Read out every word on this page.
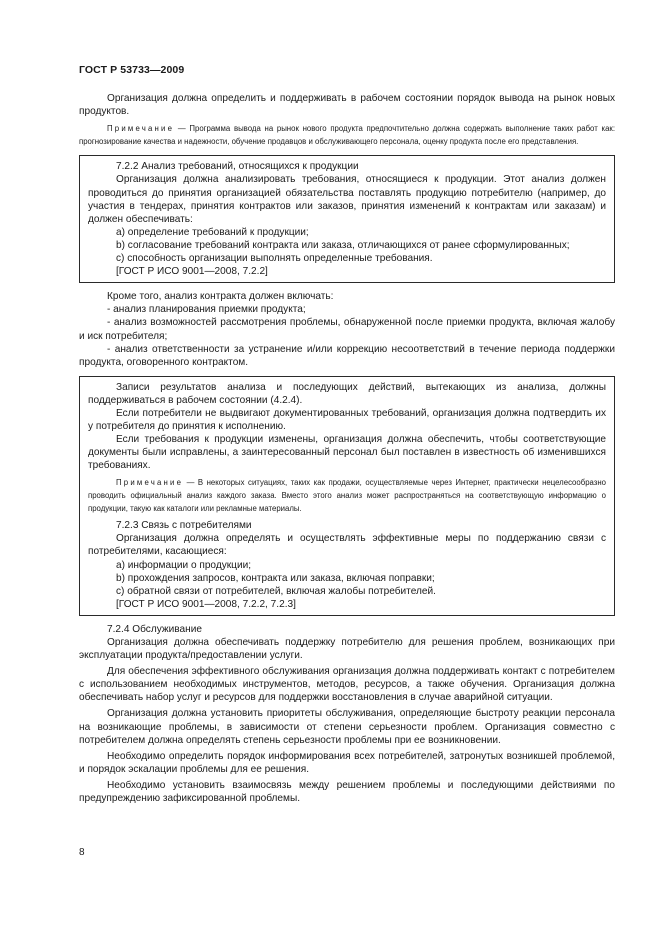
ГОСТ Р 53733—2009

Организация должна определить и поддерживать в рабочем состоянии порядок вывода на рынок новых продуктов.

Примечание — Программа вывода на рынок нового продукта предпочтительно должна содержать выполнение таких работ как: прогнозирование качества и надежности, обучение продавцов и обслуживающего персонала, оценку продукта после его представления.

7.2.2 Анализ требований, относящихся к продукции

Организация должна анализировать требования, относящиеся к продукции. Этот анализ должен проводиться до принятия организацией обязательства поставлять продукцию потребителю (например, до участия в тендерах, принятия контрактов или заказов, принятия изменений к контрактам или заказам) и должен обеспечивать:

а) определение требований к продукции;

b) согласование требований контракта или заказа, отличающихся от ранее сформулированных;

с) способность организации выполнять определенные требования.

[ГОСТ Р ИСО 9001—2008, 7.2.2]

Кроме того, анализ контракта должен включать:

- анализ планирования приемки продукта;

- анализ возможностей рассмотрения проблемы, обнаруженной после приемки продукта, включая жалобу и иск потребителя;

- анализ ответственности за устранение и/или коррекцию несоответствий в течение периода поддержки продукта, оговоренного контрактом.

Записи результатов анализа и последующих действий, вытекающих из анализа, должны поддерживаться в рабочем состоянии (4.2.4).

Если потребители не выдвигают документированных требований, организация должна подтвердить их у потребителя до принятия к исполнению.

Если требования к продукции изменены, организация должна обеспечить, чтобы соответствующие документы были исправлены, а заинтересованный персонал был поставлен в известность об изменившихся требованиях.

Примечание — В некоторых ситуациях, таких как продажи, осуществляемые через Интернет, практически нецелесообразно проводить официальный анализ каждого заказа. Вместо этого анализ может распространяться на соответствующую информацию о продукции, такую как каталоги или рекламные материалы.

7.2.3 Связь с потребителями

Организация должна определять и осуществлять эффективные меры по поддержанию связи с потребителями, касающиеся:

а) информации о продукции;

b) прохождения запросов, контракта или заказа, включая поправки;

с) обратной связи от потребителей, включая жалобы потребителей.

[ГОСТ Р ИСО 9001—2008, 7.2.2, 7.2.3]

7.2.4 Обслуживание

Организация должна обеспечивать поддержку потребителю для решения проблем, возникающих при эксплуатации продукта/предоставлении услуги.

Для обеспечения эффективного обслуживания организация должна поддерживать контакт с потребителем с использованием необходимых инструментов, методов, ресурсов, а также обучения. Организация должна обеспечивать набор услуг и ресурсов для поддержки восстановления в случае аварийной ситуации.

Организация должна установить приоритеты обслуживания, определяющие быстроту реакции персонала на возникающие проблемы, в зависимости от степени серьезности проблем. Организация совместно с потребителем должна определять степень серьезности проблемы при ее возникновении.

Необходимо определить порядок информирования всех потребителей, затронутых возникшей проблемой, и порядок эскалации проблемы для ее решения.

Необходимо установить взаимосвязь между решением проблемы и последующими действиями по предупреждению зафиксированной проблемы.

8
